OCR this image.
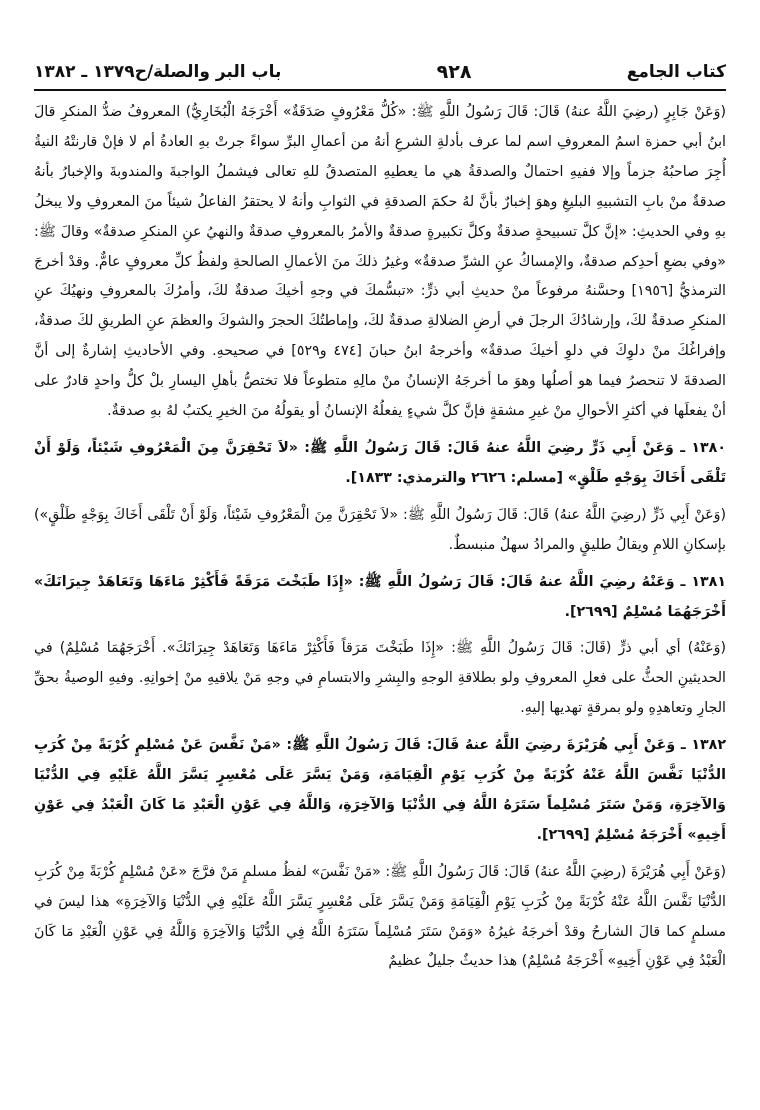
كتاب الجامع
٩٢٨
باب البر والصلة/ح١٣٧٩ ـ ١٣٨٢

(وَعَنْ جَابِرٍ (رضِيَ اللَّهُ عنهُ) قَالَ: قَالَ رَسُولُ اللَّهِ ﷺ: «كُلُّ مَعْرُوفٍ صَدَقَةٌ» أَخْرَجَهُ الْبُخَارِيُّ) المعروفُ ضدُّ المنكرِ قالَ ابنُ أبي حمزة اسمُ المعروفِ اسم لما عرف بأدلةِ الشرعِ أنهُ من أعمالِ البرِّ سواءً جرتْ بهِ العادةُ أم لا فإنْ قارنتْهُ النيةُ أُجِرَ صاحبُهُ جزماً وإلا ففيهِ احتمالٌ والصدقةُ هي ما يعطيهِ المتصدقُ للهِ تعالى فيشملُ الواجبةَ والمندوبةَ والإخبارُ بأنهُ صدقةٌ منْ بابِ التشبيهِ البليغِ وهوَ إخبارٌ بأنَّ لهُ حكمَ الصدقةِ في الثوابِ وأنهُ لا يحتقرُ الفاعلُ شيئاً منَ المعروفِ ولا يبخلُ بهِ وفي الحديثِ: «إنَّ كلَّ تسبيحةٍ صدقةٌ وكلَّ تكبيرةٍ صدقةٌ والأمرُ بالمعروفِ صدقةٌ والنهيُ عنِ المنكرِ صدقةٌ» وقالَ ﷺ: «وفي بضعِ أحدِكم صدقةٌ، والإمساكُ عنِ الشرِّ صدقةٌ» وغيرُ ذلكَ منَ الأعمالِ الصالحةِ ولفظُ كلِّ معروفٍ عامٌّ. وقدْ أخرجَ الترمذيُّ [١٩٥٦] وحسَّنهُ مرفوعاً منْ حديثِ أبي ذرٍّ: «تبسُّمكَ في وجهِ أخيكَ صدقةٌ لكَ، وأمرُكَ بالمعروفِ ونهيُكَ عنِ المنكرِ صدقةٌ لكَ، وإرشادُكَ الرجلَ في أرضِ الضلالةِ صدقةٌ لكَ، وإماطتُكَ الحجرَ والشوكَ والعظمَ عنِ الطريقِ لكَ صدقةٌ، وإفراغُكَ منْ دلوِكَ في دلوِ أخيكَ صدقةٌ» وأخرجهُ ابنُ حبانَ [٤٧٤ و٥٢٩] في صحيحهِ. وفي الأحاديثِ إشارةٌ إلى أنَّ الصدقةَ لا تنحصرُ فيما هو أصلُها وهوَ ما أخرجَهُ الإنسانُ منْ مالِهِ متطوعاً فلا تختصُّ بأهلِ اليسارِ بلْ كلُّ واحدٍ قادرٌ على أنْ يفعلَها في أكثرِ الأحوالِ منْ غيرِ مشقةٍ فإنَّ كلَّ شيءٍ يفعلُهُ الإنسانُ أو يقولُهُ منَ الخيرِ يكتبُ لهُ بهِ صدقةٌ.

١٣٨٠ ـ وَعَنْ أَبِي ذَرٍّ رضِيَ اللَّهُ عنهُ قَالَ: قَالَ رَسُولُ اللَّهِ ﷺ: «لاَ تَحْقِرَنَّ مِنَ الْمَعْرُوفِ شَيْئاً، وَلَوْ أَنْ تَلْقَى أَخَاكَ بِوَجْهٍ طَلْقٍ» [مسلم: ٢٦٢٦ والترمذي: ١٨٣٣].

(وَعَنْ أَبِي ذَرٍّ (رضِيَ اللَّهُ عنهُ) قَالَ: قَالَ رَسُولُ اللَّهِ ﷺ: «لاَ تَحْقِرَنَّ مِنَ الْمَعْرُوفِ شَيْئاً، وَلَوْ أَنْ تَلْقَى أَخَاكَ بِوَجْهٍ طَلْقٍ») بإسكانِ اللامِ ويقالُ طليقٍ والمرادُ سهلٌ منبسطٌ.

١٣٨١ ـ وَعَنْهُ رضِيَ اللَّهُ عنهُ قَالَ: قَالَ رَسُولُ اللَّهِ ﷺ: «إِذَا طَبَخْتَ مَرَقَةً فَأَكْثِرْ مَاءَهَا وَتَعَاهَدْ جِيرَانَكَ» أَخْرَجَهُمَا مُسْلِمٌ [٢٦٩٩].

(وَعَنْهُ) أي أبي ذرٍّ (قَالَ: قَالَ رَسُولُ اللَّهِ ﷺ: «إِذَا طَبَخْتَ مَرَقاً فَأَكْثِرْ مَاءَهَا وَتَعَاهَدْ جِيرَانَكَ». أَخْرَجَهُمَا مُسْلِمٌ) في الحديثينِ الحثُّ على فعلِ المعروفِ ولو بطلاقةِ الوجهِ والبِشرِ والابتسامِ في وجهِ مَنْ يلاقيهِ منْ إخوانِهِ. وفيهِ الوصيةُ بحقِّ الجارِ وتعاهدِهِ ولو بمرقةٍ تهديها إليهِ.

١٣٨٢ ـ وَعَنْ أَبِي هُرَيْرَةَ رضِيَ اللَّهُ عنهُ قَالَ: قَالَ رَسُولُ اللَّهِ ﷺ: «مَنْ نَفَّسَ عَنْ مُسْلِمٍ كُرْبَةً مِنْ كُرَبِ الدُّنْيَا نَفَّسَ اللَّهُ عَنْهُ كُرْبَةً مِنْ كُرَبِ يَوْمِ الْقِيَامَةِ، وَمَنْ يَسَّرَ عَلَى مُعْسِرٍ يَسَّرَ اللَّهُ عَلَيْهِ فِي الدُّنْيَا وَالآخِرَةِ، وَمَنْ سَتَرَ مُسْلِماً سَتَرَهُ اللَّهُ فِي الدُّنْيَا وَالآخِرَةِ، وَاللَّهُ فِي عَوْنِ الْعَبْدِ مَا كَانَ الْعَبْدُ فِي عَوْنِ أَخِيهِ» أَخْرَجَهُ مُسْلِمٌ [٢٦٩٩].

(وَعَنْ أَبِي هُرَيْرَةَ (رضِيَ اللَّهُ عنهُ) قَالَ: قَالَ رَسُولُ اللَّهِ ﷺ: «مَنْ نَفَّسَ» لفظُ مسلمٍ مَنْ فرَّجَ «عَنْ مُسْلِمٍ كُرْبَةً مِنْ كُرَبِ الدُّنْيَا نَفَّسَ اللَّهُ عَنْهُ كُرْبَةً مِنْ كُرَبِ يَوْمِ الْقِيَامَةِ وَمَنْ يَسَّرَ عَلَى مُعْسِرٍ يَسَّرَ اللَّهُ عَلَيْهِ فِي الدُّنْيَا وَالآخِرَةِ» هذا ليسَ في مسلمٍ كما قالَ الشارحُ وقدْ أخرجَهُ غيرُهُ «وَمَنْ سَتَرَ مُسْلِماً سَتَرَهُ اللَّهُ فِي الدُّنْيَا وَالآخِرَةِ وَاللَّهُ فِي عَوْنِ الْعَبْدِ مَا كَانَ الْعَبْدُ فِي عَوْنِ أَخِيهِ» أَخْرَجَهُ مُسْلِمٌ) هذا حديثٌ جليلٌ عظيمٌ
